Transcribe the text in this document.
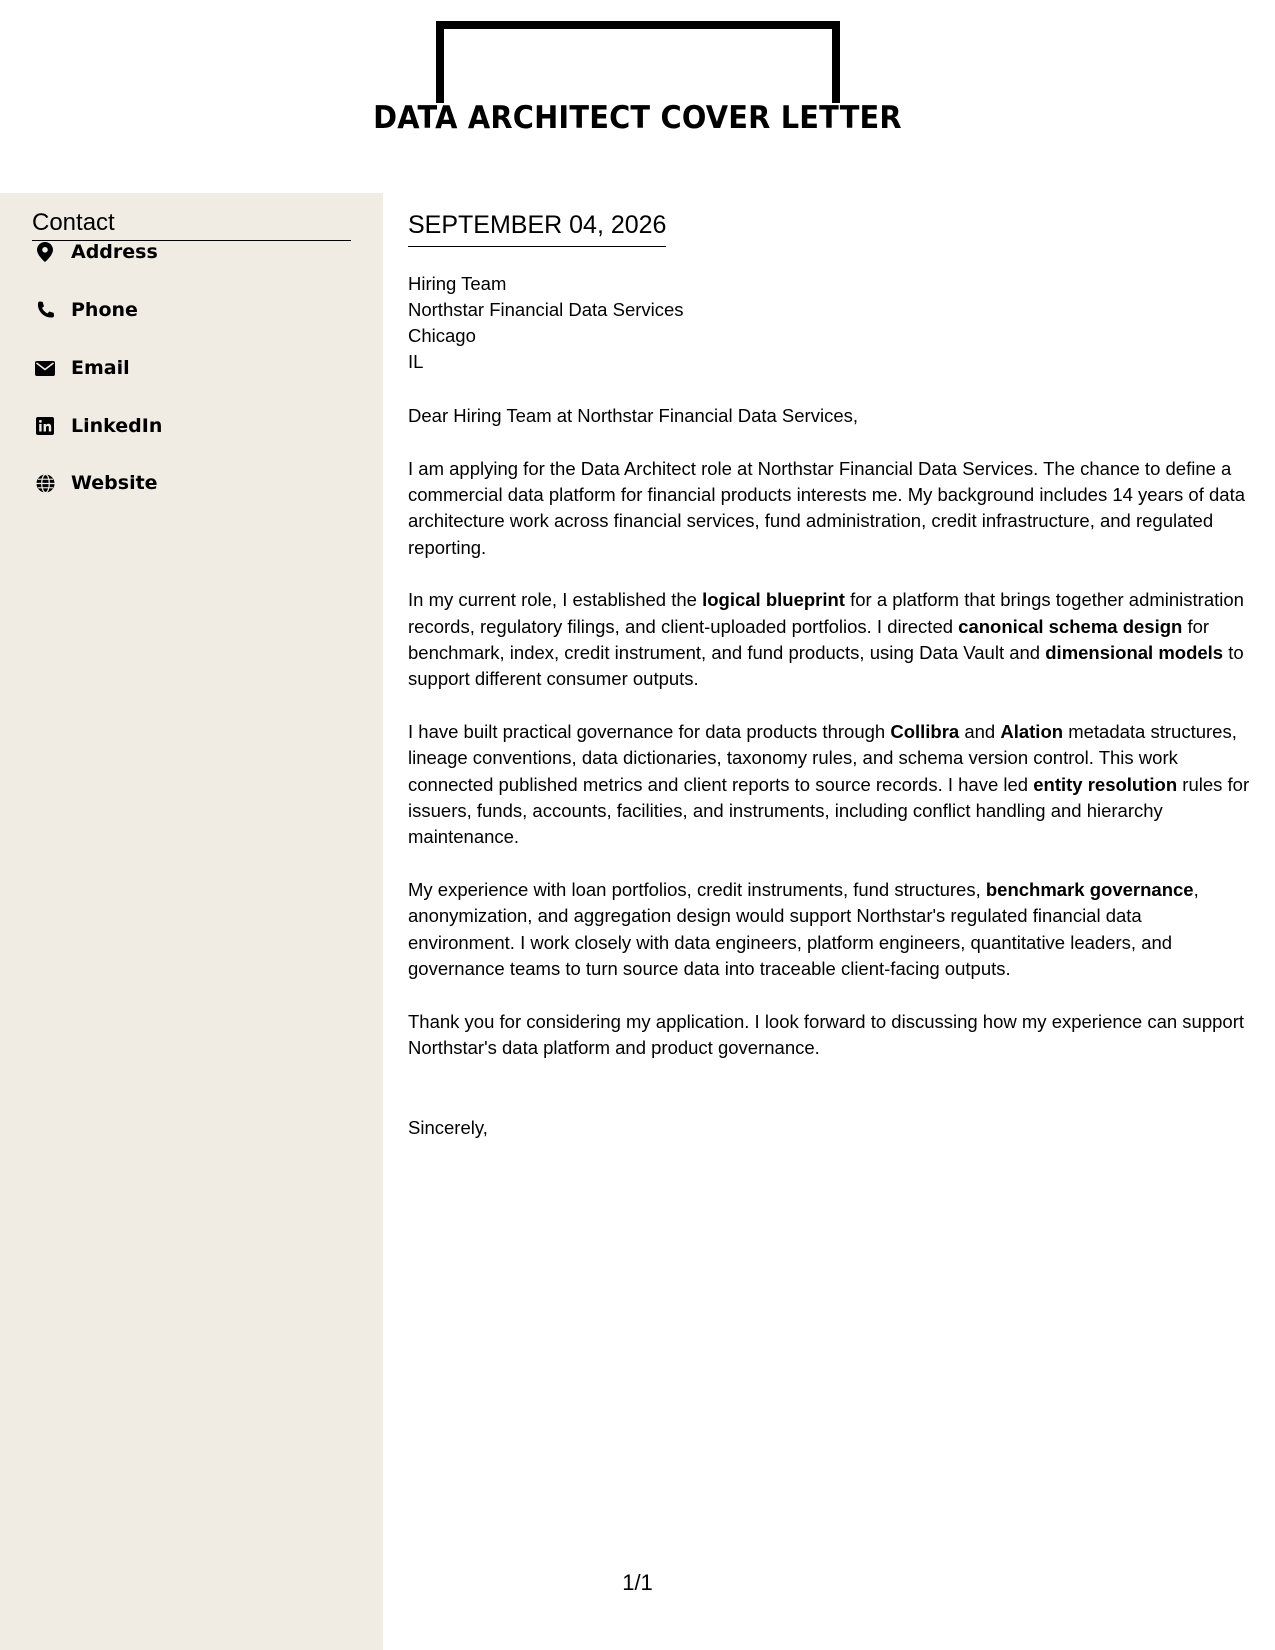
DATA ARCHITECT COVER LETTER
Contact
Address
Phone
Email
LinkedIn
Website
SEPTEMBER 04, 2026
Hiring Team
Northstar Financial Data Services
Chicago
IL

Dear Hiring Team at Northstar Financial Data Services,

I am applying for the Data Architect role at Northstar Financial Data Services. The chance to define a commercial data platform for financial products interests me. My background includes 14 years of data architecture work across financial services, fund administration, credit infrastructure, and regulated reporting.

In my current role, I established the logical blueprint for a platform that brings together administration records, regulatory filings, and client-uploaded portfolios. I directed canonical schema design for benchmark, index, credit instrument, and fund products, using Data Vault and dimensional models to support different consumer outputs.

I have built practical governance for data products through Collibra and Alation metadata structures, lineage conventions, data dictionaries, taxonomy rules, and schema version control. This work connected published metrics and client reports to source records. I have led entity resolution rules for issuers, funds, accounts, facilities, and instruments, including conflict handling and hierarchy maintenance.

My experience with loan portfolios, credit instruments, fund structures, benchmark governance, anonymization, and aggregation design would support Northstar's regulated financial data environment. I work closely with data engineers, platform engineers, quantitative leaders, and governance teams to turn source data into traceable client-facing outputs.

Thank you for considering my application. I look forward to discussing how my experience can support Northstar's data platform and product governance.

Sincerely,
1/1
